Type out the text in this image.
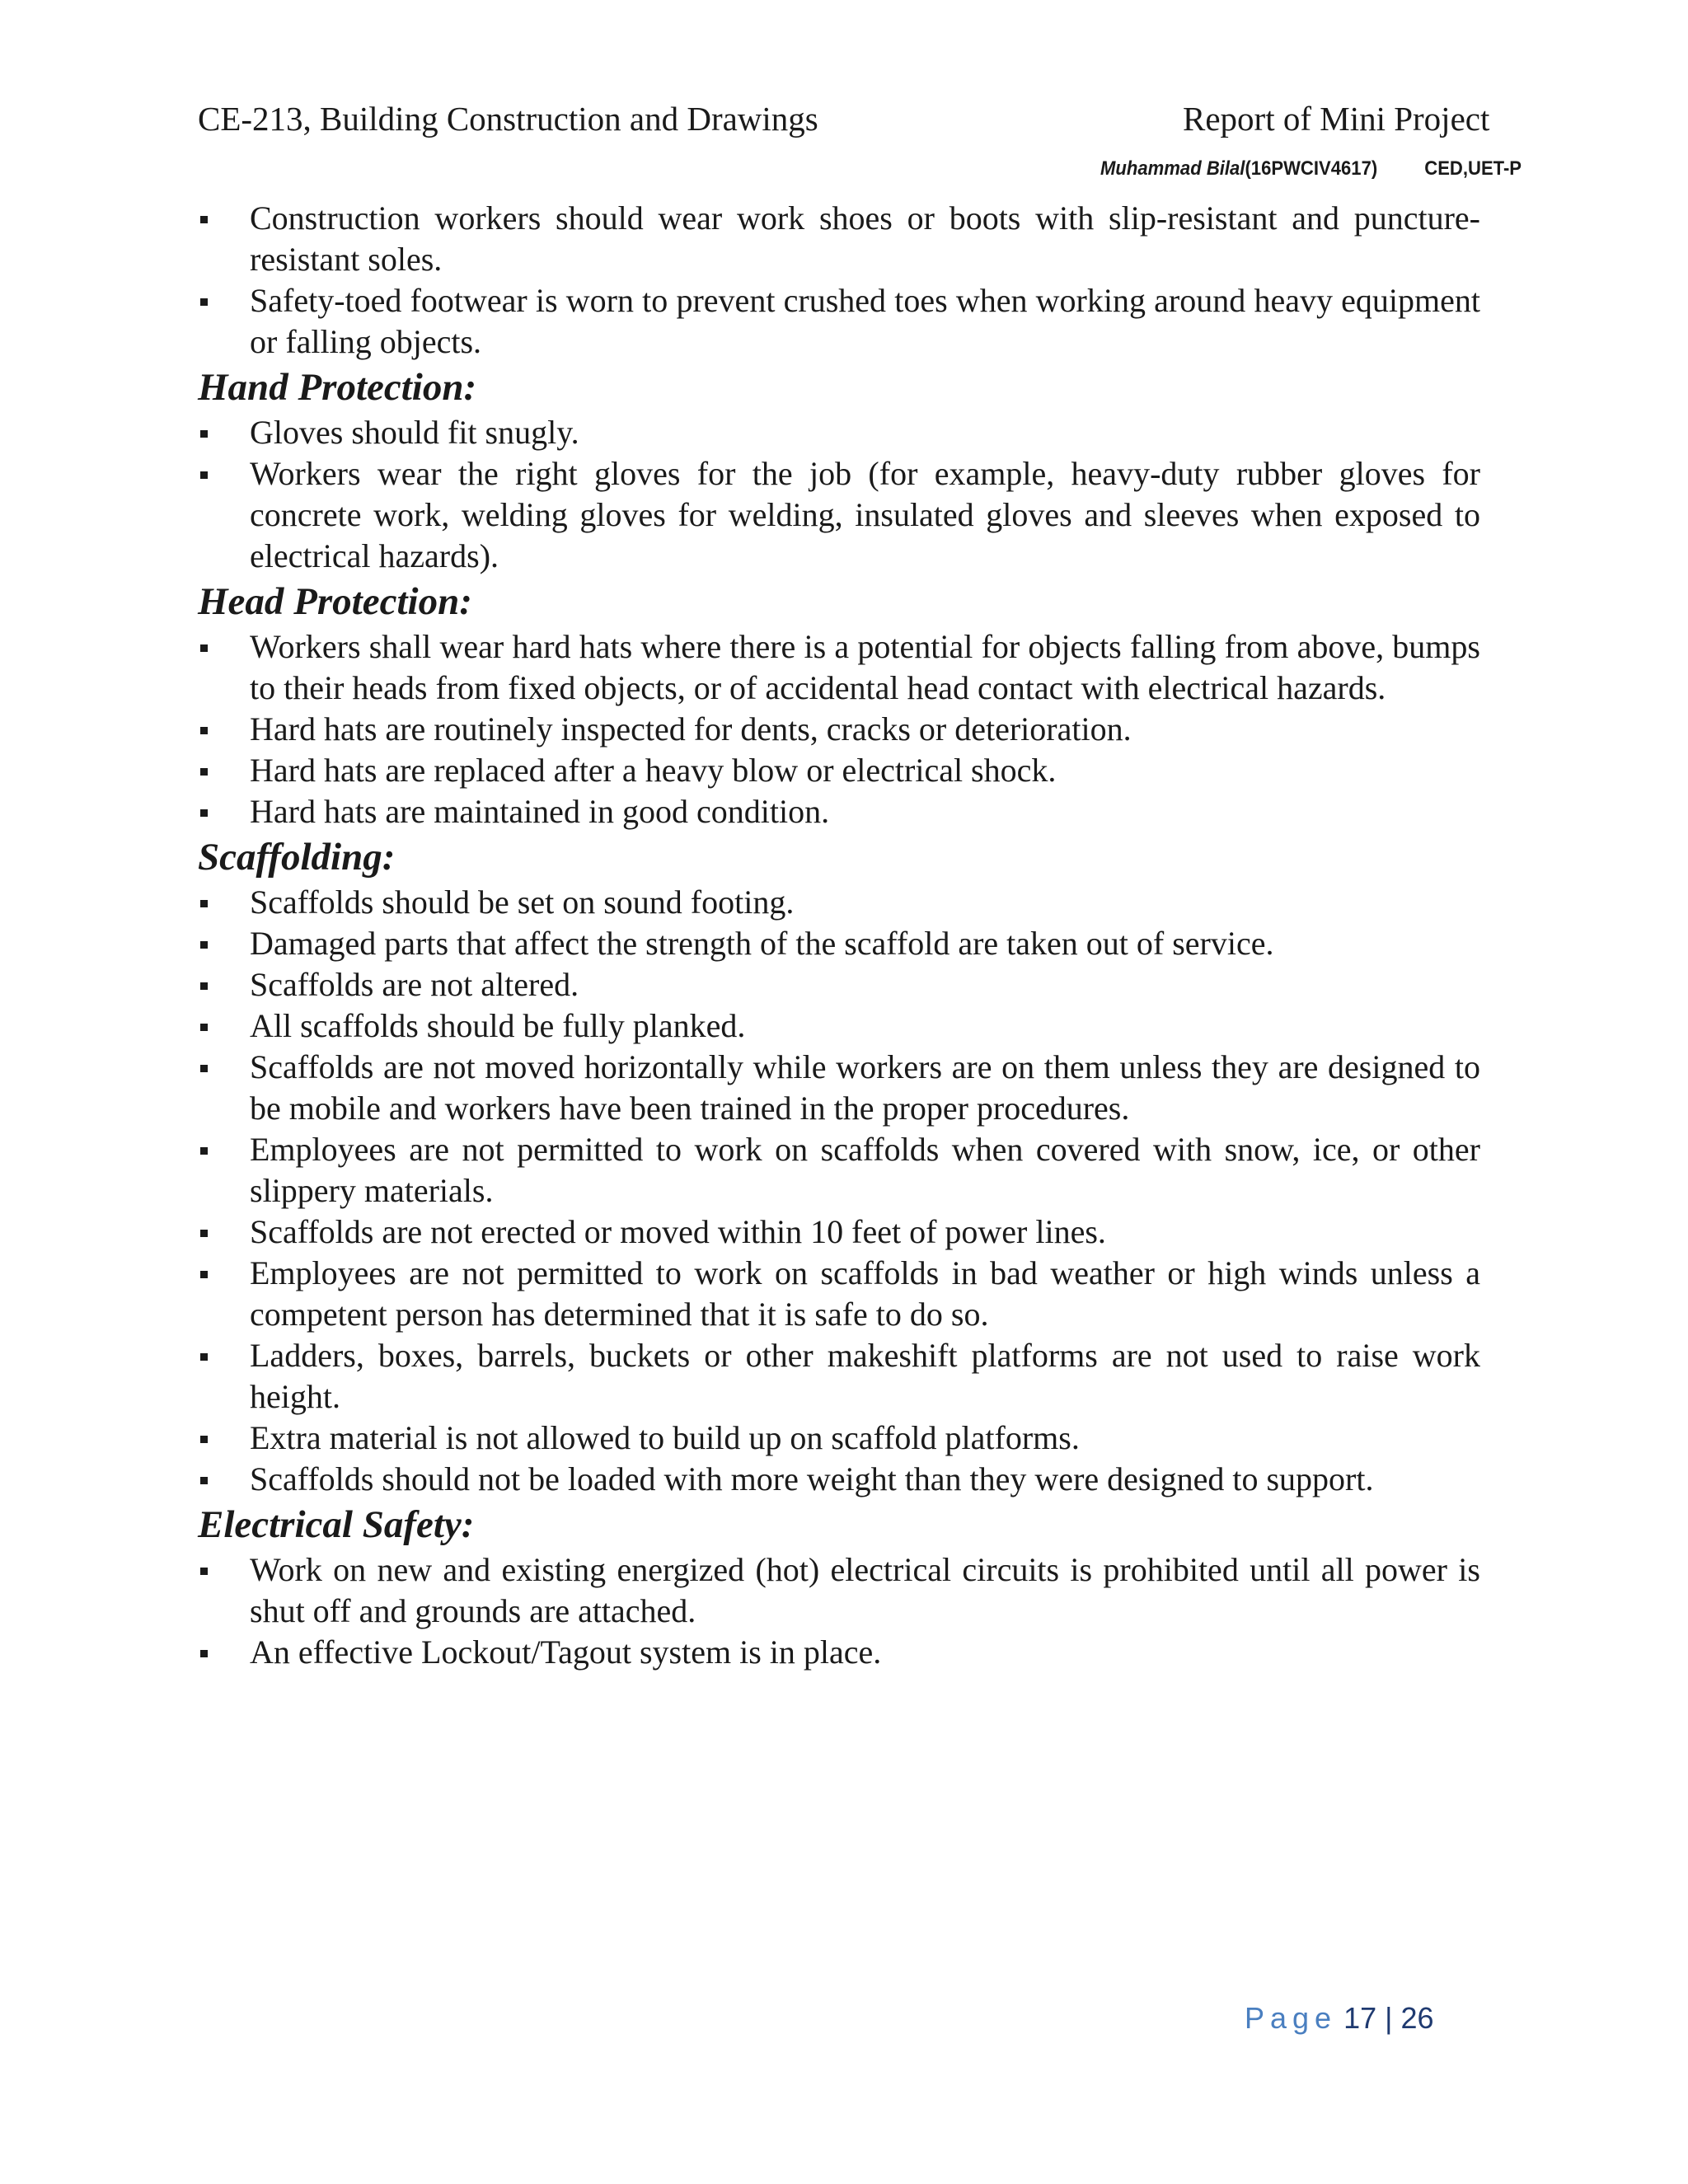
CE-213, Building Construction and Drawings	Report of Mini Project
Muhammad Bilal(16PWCIV4617) CED,UET-P
Construction workers should wear work shoes or boots with slip-resistant and puncture-resistant soles.
Safety-toed footwear is worn to prevent crushed toes when working around heavy equipment or falling objects.
Hand Protection:
Gloves should fit snugly.
Workers wear the right gloves for the job (for example, heavy-duty rubber gloves for concrete work, welding gloves for welding, insulated gloves and sleeves when exposed to electrical hazards).
Head Protection:
Workers shall wear hard hats where there is a potential for objects falling from above, bumps to their heads from fixed objects, or of accidental head contact with electrical hazards.
Hard hats are routinely inspected for dents, cracks or deterioration.
Hard hats are replaced after a heavy blow or electrical shock.
Hard hats are maintained in good condition.
Scaffolding:
Scaffolds should be set on sound footing.
Damaged parts that affect the strength of the scaffold are taken out of service.
Scaffolds are not altered.
All scaffolds should be fully planked.
Scaffolds are not moved horizontally while workers are on them unless they are designed to be mobile and workers have been trained in the proper procedures.
Employees are not permitted to work on scaffolds when covered with snow, ice, or other slippery materials.
Scaffolds are not erected or moved within 10 feet of power lines.
Employees are not permitted to work on scaffolds in bad weather or high winds unless a competent person has determined that it is safe to do so.
Ladders, boxes, barrels, buckets or other makeshift platforms are not used to raise work height.
Extra material is not allowed to build up on scaffold platforms.
Scaffolds should not be loaded with more weight than they were designed to support.
Electrical Safety:
Work on new and existing energized (hot) electrical circuits is prohibited until all power is shut off and grounds are attached.
An effective Lockout/Tagout system is in place.
Page 17 | 26
